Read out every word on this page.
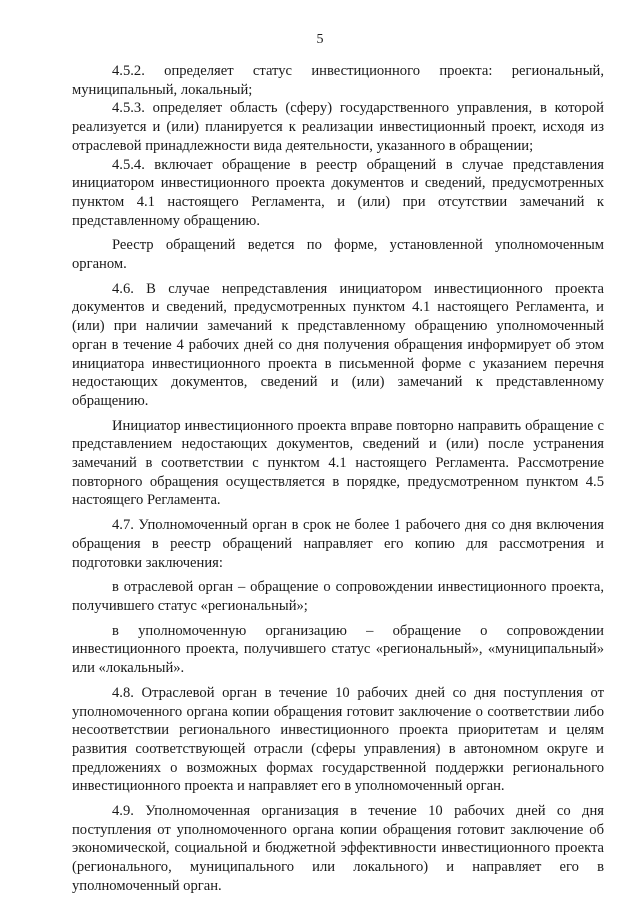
5

4.5.2. определяет статус инвестиционного проекта: региональный, муниципальный, локальный;

4.5.3. определяет область (сферу) государственного управления, в которой реализуется и (или) планируется к реализации инвестиционный проект, исходя из отраслевой принадлежности вида деятельности, указанного в обращении;

4.5.4. включает обращение в реестр обращений в случае представления инициатором инвестиционного проекта документов и сведений, предусмотренных пунктом 4.1 настоящего Регламента, и (или) при отсутствии замечаний к представленному обращению.

Реестр обращений ведется по форме, установленной уполномоченным органом.

4.6. В случае непредставления инициатором инвестиционного проекта документов и сведений, предусмотренных пунктом 4.1 настоящего Регламента, и (или) при наличии замечаний к представленному обращению уполномоченный орган в течение 4 рабочих дней со дня получения обращения информирует об этом инициатора инвестиционного проекта в письменной форме с указанием перечня недостающих документов, сведений и (или) замечаний к представленному обращению.

Инициатор инвестиционного проекта вправе повторно направить обращение с представлением недостающих документов, сведений и (или) после устранения замечаний в соответствии с пунктом 4.1 настоящего Регламента. Рассмотрение повторного обращения осуществляется в порядке, предусмотренном пунктом 4.5 настоящего Регламента.

4.7. Уполномоченный орган в срок не более 1 рабочего дня со дня включения обращения в реестр обращений направляет его копию для рассмотрения и подготовки заключения:

в отраслевой орган – обращение о сопровождении инвестиционного проекта, получившего статус «региональный»;

в уполномоченную организацию – обращение о сопровождении инвестиционного проекта, получившего статус «региональный», «муниципальный» или «локальный».

4.8. Отраслевой орган в течение 10 рабочих дней со дня поступления от уполномоченного органа копии обращения готовит заключение о соответствии либо несоответствии регионального инвестиционного проекта приоритетам и целям развития соответствующей отрасли (сферы управления) в автономном округе и предложениях о возможных формах государственной поддержки регионального инвестиционного проекта и направляет его в уполномоченный орган.

4.9. Уполномоченная организация в течение 10 рабочих дней со дня поступления от уполномоченного органа копии обращения готовит заключение об экономической, социальной и бюджетной эффективности инвестиционного проекта (регионального, муниципального или локального) и направляет его в уполномоченный орган.
